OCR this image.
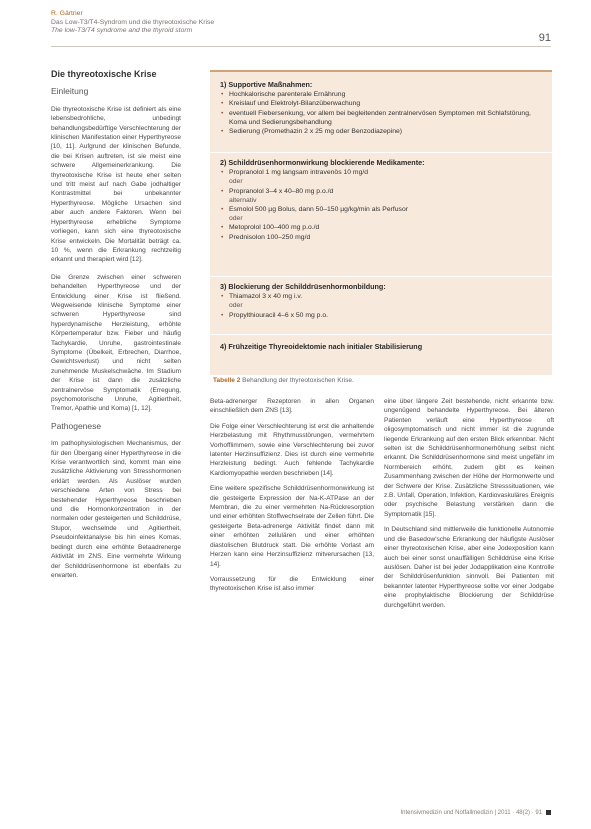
R. Gärtner
Das Low-T3/T4-Syndrom und die thyreotoxische Krise
The low-T3/T4 syndrome and the thyroid storm
91
Die thyreotoxische Krise
Einleitung

Die thyreotoxische Krise ist definiert als eine lebensbedrohliche, unbedingt behandlungsbedürftige Verschlechterung der klinischen Manifestation einer Hyperthyreose [10, 11]. Aufgrund der klinischen Befunde, die bei Krisen auftreten, ist sie meist eine schwere Allgemeinerkrankung. Die thyreotoxische Krise ist heute eher selten und tritt meist auf nach Gabe jodhaltiger Kontrastmittel bei unbekannter Hyperthyreose. Mögliche Ursachen sind aber auch andere Faktoren. Wenn bei Hyperthyreose erhebliche Symptome vorliegen, kann sich eine thyreotoxische Krise entwickeln. Die Mortalität beträgt ca. 10 %, wenn die Erkrankung rechtzeitig erkannt und therapiert wird [12].

Die Grenze zwischen einer schweren behandelten Hyperthyreose und der Entwicklung einer Krise ist fließend. Wegweisende klinische Symptome einer schweren Hyperthyreose sind hyperdynamische Herzleistung, erhöhte Körpertemperatur bzw. Fieber und häufig Tachykardie, Unruhe, gastrointestinale Symptome (Übelkeit, Erbrechen, Diarrhoe, Gewichtsverlust) und nicht selten zunehmende Muskelschwäche. Im Stadium der Krise ist dann die zusätzliche zentralnervöse Symptomatik (Erregung, psychomotorische Unruhe, Agitiertheit, Tremor, Apathie und Koma) [1, 12].

Pathogenese

Im pathophysiologischen Mechanismus, der für den Übergang einer Hyperthyreose in die Krise verantwortlich sind, kommt man eine zusätzliche Aktivierung von Stresshormonen erklärt werden. Als Auslöser wurden verschiedene Arten von Stress bei bestehender Hyperthyreose beschrieben und die Hormonkonzentration in der normalen oder gesteigerten und Schilddrüse, Stupor, wechselnde und Agitiertheit, Pseudoinfektanalyse bis hin eines Komas, bedingt durch eine erhöhte Betaadrenerge Aktivität im ZNS. Eine vermehrte Wirkung der Schilddrüsenhormone ist ebenfalls zu erwarten.

1) Supportive Maßnahmen:
• Hochkalorische parenterale Ernährung
• Kreislauf und Elektrolyt-Bilanzüberwachung
• eventuell Fiebersenkung, vor allem bei begleitenden zentralnervösen Symptomen mit Schlafstörung, Koma und Sedierungsbehandlung
• Sedierung (Promethazin 2 x 25 mg oder Benzodiazepine)
2) Schilddrüsenhormonwirkung blockierende Medikamente:
• Propranolol 1 mg langsam intravenös 10 mg/d
oder
• Propranolol 3–4 x 40–80 mg p.o./d
alternativ
• Esmolol 500 µg Bolus, dann 50–150 µg/kg/min als Perfusor
oder
• Metoprolol 100–400 mg p.o./d
• Prednisolon 100–250 mg/d
3) Blockierung der Schilddrüsenhormonbildung:
• Thiamazol 3 x 40 mg i.v.
oder
• Propylthiouracil 4–6 x 50 mg p.o.
4) Frühzeitige Thyreoidektomie nach initialer Stabilisierung
Tabelle 2 Behandlung der thyreotoxischen Krise.

Beta-adrenerger Rezeptoren in allen Organen einschließlich dem ZNS [13].

Die Folge einer Verschlechterung ist erst die anhaltende Herzbelastung mit Rhythmusstörungen, vermehrtem Vorhofflimmern, sowie eine Verschlechterung bei zuvor latenter Herzinsuffizienz. Dies ist durch eine vermehrte Herzleistung bedingt. Auch fehlende Tachykardie Kardiomyopathie werden beschrieben [14].

Eine weitere spezifische Schilddrüsenhormonwirkung ist die gesteigerte Expression der Na-K-ATPase an der Membran, die zu einer vermehrten Na-Rückresorption und einer erhöhten Stoffwechselrate der Zellen führt. Die gesteigerte Beta-adrenerge Aktivität findet dann mit einer erhöhten zellulären und einer erhöhten diastolischen Blutdruck statt. Die erhöhte Vorlast am Herzen kann eine Herzinsuffizienz mitverursachen [13, 14].

Vorraussetzung für die Entwicklung einer thyreotoxischen Krise ist also immer

eine über längere Zeit bestehende, nicht erkannte bzw. ungenügend behandelte Hyperthyreose. Bei älteren Patienten verläuft eine Hyperthyreose oft oligosymptomatisch und nicht immer ist die zugrunde liegende Erkrankung auf den ersten Blick erkennbar. Nicht selten ist die Schilddrüsenhormonerhöhung selbst nicht erkannt. Die Schilddrüsenhormone sind meist ungefähr im Normbereich erhöht, zudem gibt es keinen Zusammenhang zwischen der Höhe der Hormonwerte und der Schwere der Krise. Zusätzliche Stresssituationen, wie z.B. Unfall, Operation, Infektion, Kardiovaskuläres Ereignis oder psychische Belastung verstärken dann die Symptomatik [15].

In Deutschland sind mittlerweile die funktionelle Autonomie und die Basedow'sche Erkrankung der häufigste Auslöser einer thyreotoxischen Krise, aber eine Jodexposition kann auch bei einer sonst unauffälligen Schilddrüse eine Krise auslösen. Daher ist bei jeder Jodapplikation eine Kontrolle der Schilddrüsenfunktion sinnvoll. Bei Patienten mit bekannter latenter Hyperthyreose sollte vor einer Jodgabe eine prophylaktische Blockierung der Schilddrüse durchgeführt werden.

Intensivmedizin und Notfallmedizin | 2011 · 48(2) · 91
